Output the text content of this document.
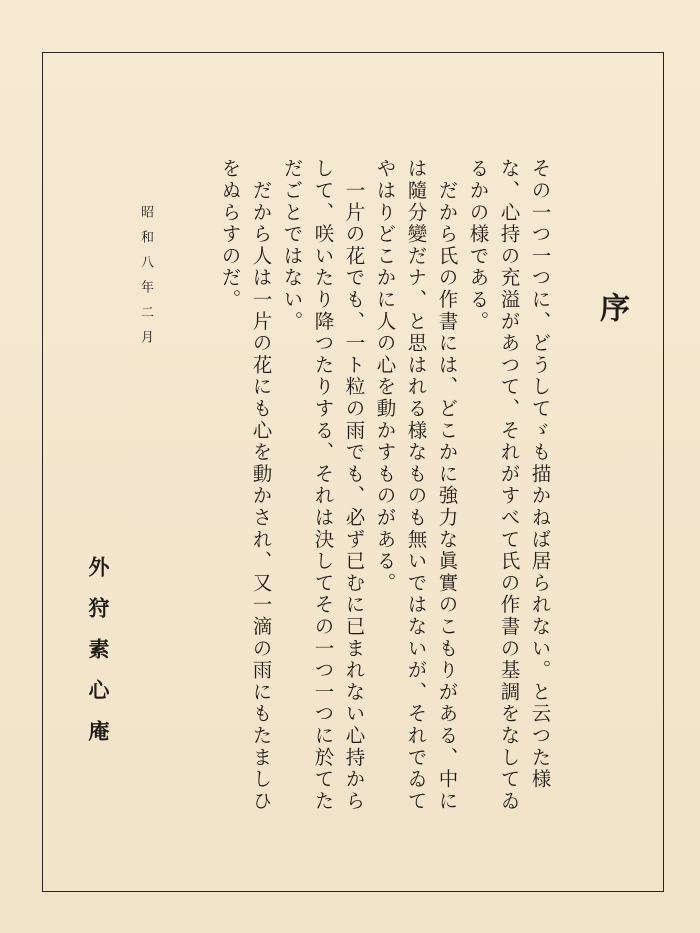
序
その一つ一つに、どうしてゞも描かねば居られない。と云つた様
な、心持の充溢があつて、それがすべて氏の作書の基調をなしてゐ
るかの様である。
　だから氏の作書には、どこかに強力な眞實のこもりがある、中に
は隨分變だナ、と思はれる様なものも無いではないが、それでゐて
やはりどこかに人の心を動かすものがある。
　一片の花でも、一ト粒の雨でも、必ず已むに已まれない心持から
して、咲いたり降つたりする、それは決してその一つ一つに於てた
だごとではない。
　だから人は一片の花にも心を動かされ、又一滴の雨にもたましひ
をぬらすのだ。
昭和八年二月
外狩素心庵
